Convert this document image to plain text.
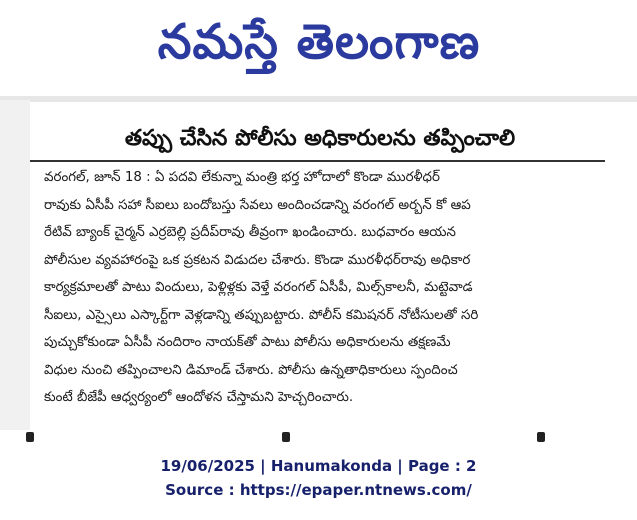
నమస్తే తెలంగాణ
తప్పు చేసిన పోలీసు అధికారులను తప్పించాలి
వరంగల్, జూన్ 18 : ఏ పదవి లేకున్నా మంత్రి భర్త హోదాలో కొండా మురళీధర్
రావుకు ఏసీపీ సహా సీఐలు బందోబస్తు సేవలు అందించడాన్ని వరంగల్ అర్బన్ కో ఆప
రేటివ్ బ్యాంక్ చైర్మన్ ఎర్రబెల్లి ప్రదీప్‌రావు తీవ్రంగా ఖండించారు. బుధవారం ఆయన
పోలీసుల వ్యవహారంపై ఒక ప్రకటన విడుదల చేశారు. కొండా మురళీధర్‌రావు అధికార
కార్యక్రమాలతో పాటు విందులు, పెళ్లిళ్లకు వెళ్తే వరంగల్ ఏసీపీ, మిల్స్‌కాలనీ, మట్టెవాడ
సీఐలు, ఎస్సైలు ఎస్కార్ట్‌గా వెళ్లడాన్ని తప్పుబట్టారు. పోలీస్ కమిషనర్ నోటీసులతో సరి
పుచ్చుకోకుండా ఏసీపీ నందిరాం నాయక్‌తో పాటు పోలీసు అధికారులను తక్షణమే
విధుల నుంచి తప్పించాలని డిమాండ్ చేశారు. పోలీసు ఉన్నతాధికారులు స్పందించ
కుంటే బీజేపీ ఆధ్వర్యంలో ఆందోళన చేస్తామని హెచ్చరించారు.
19/06/2025 | Hanumakonda | Page : 2
Source : https://epaper.ntnews.com/
